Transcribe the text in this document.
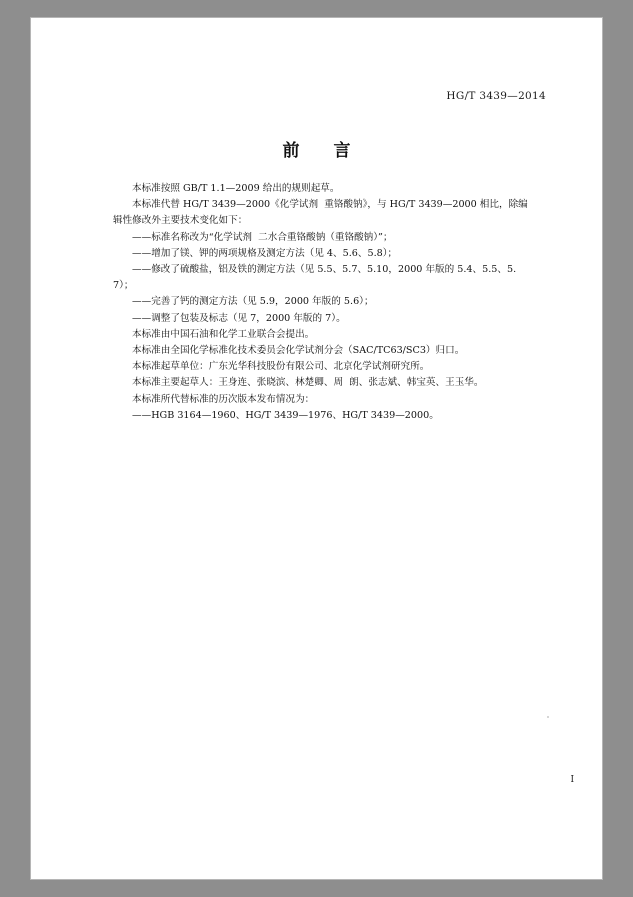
HG/T 3439—2014
前 言

本标准按照 GB/T 1.1—2009 给出的规则起草。

本标准代替 HG/T 3439—2000《化学试剂  重铬酸钠》，与 HG/T 3439—2000 相比，除编辑性修改外主要技术变化如下：

——标准名称改为“化学试剂  二水合重铬酸钠（重铬酸钠）”；

——增加了镁、钾的两项规格及测定方法（见 4、5.6、5.8）；

——修改了硫酸盐，铝及铁的测定方法（见 5.5、5.7、5.10，2000 年版的 5.4、5.5、5.7）；

——完善了钙的测定方法（见 5.9，2000 年版的 5.6）；

——调整了包装及标志（见 7，2000 年版的 7）。

本标准由中国石油和化学工业联合会提出。

本标准由全国化学标准化技术委员会化学试剂分会（SAC/TC63/SC3）归口。

本标准起草单位：广东光华科技股份有限公司、北京化学试剂研究所。

本标准主要起草人：王身连、张晓滨、林楚卿、周  朗、张志斌、韩宝英、王玉华。

本标准所代替标准的历次版本发布情况为：

——HGB 3164—1960、HG/T 3439—1976、HG/T 3439—2000。

I
